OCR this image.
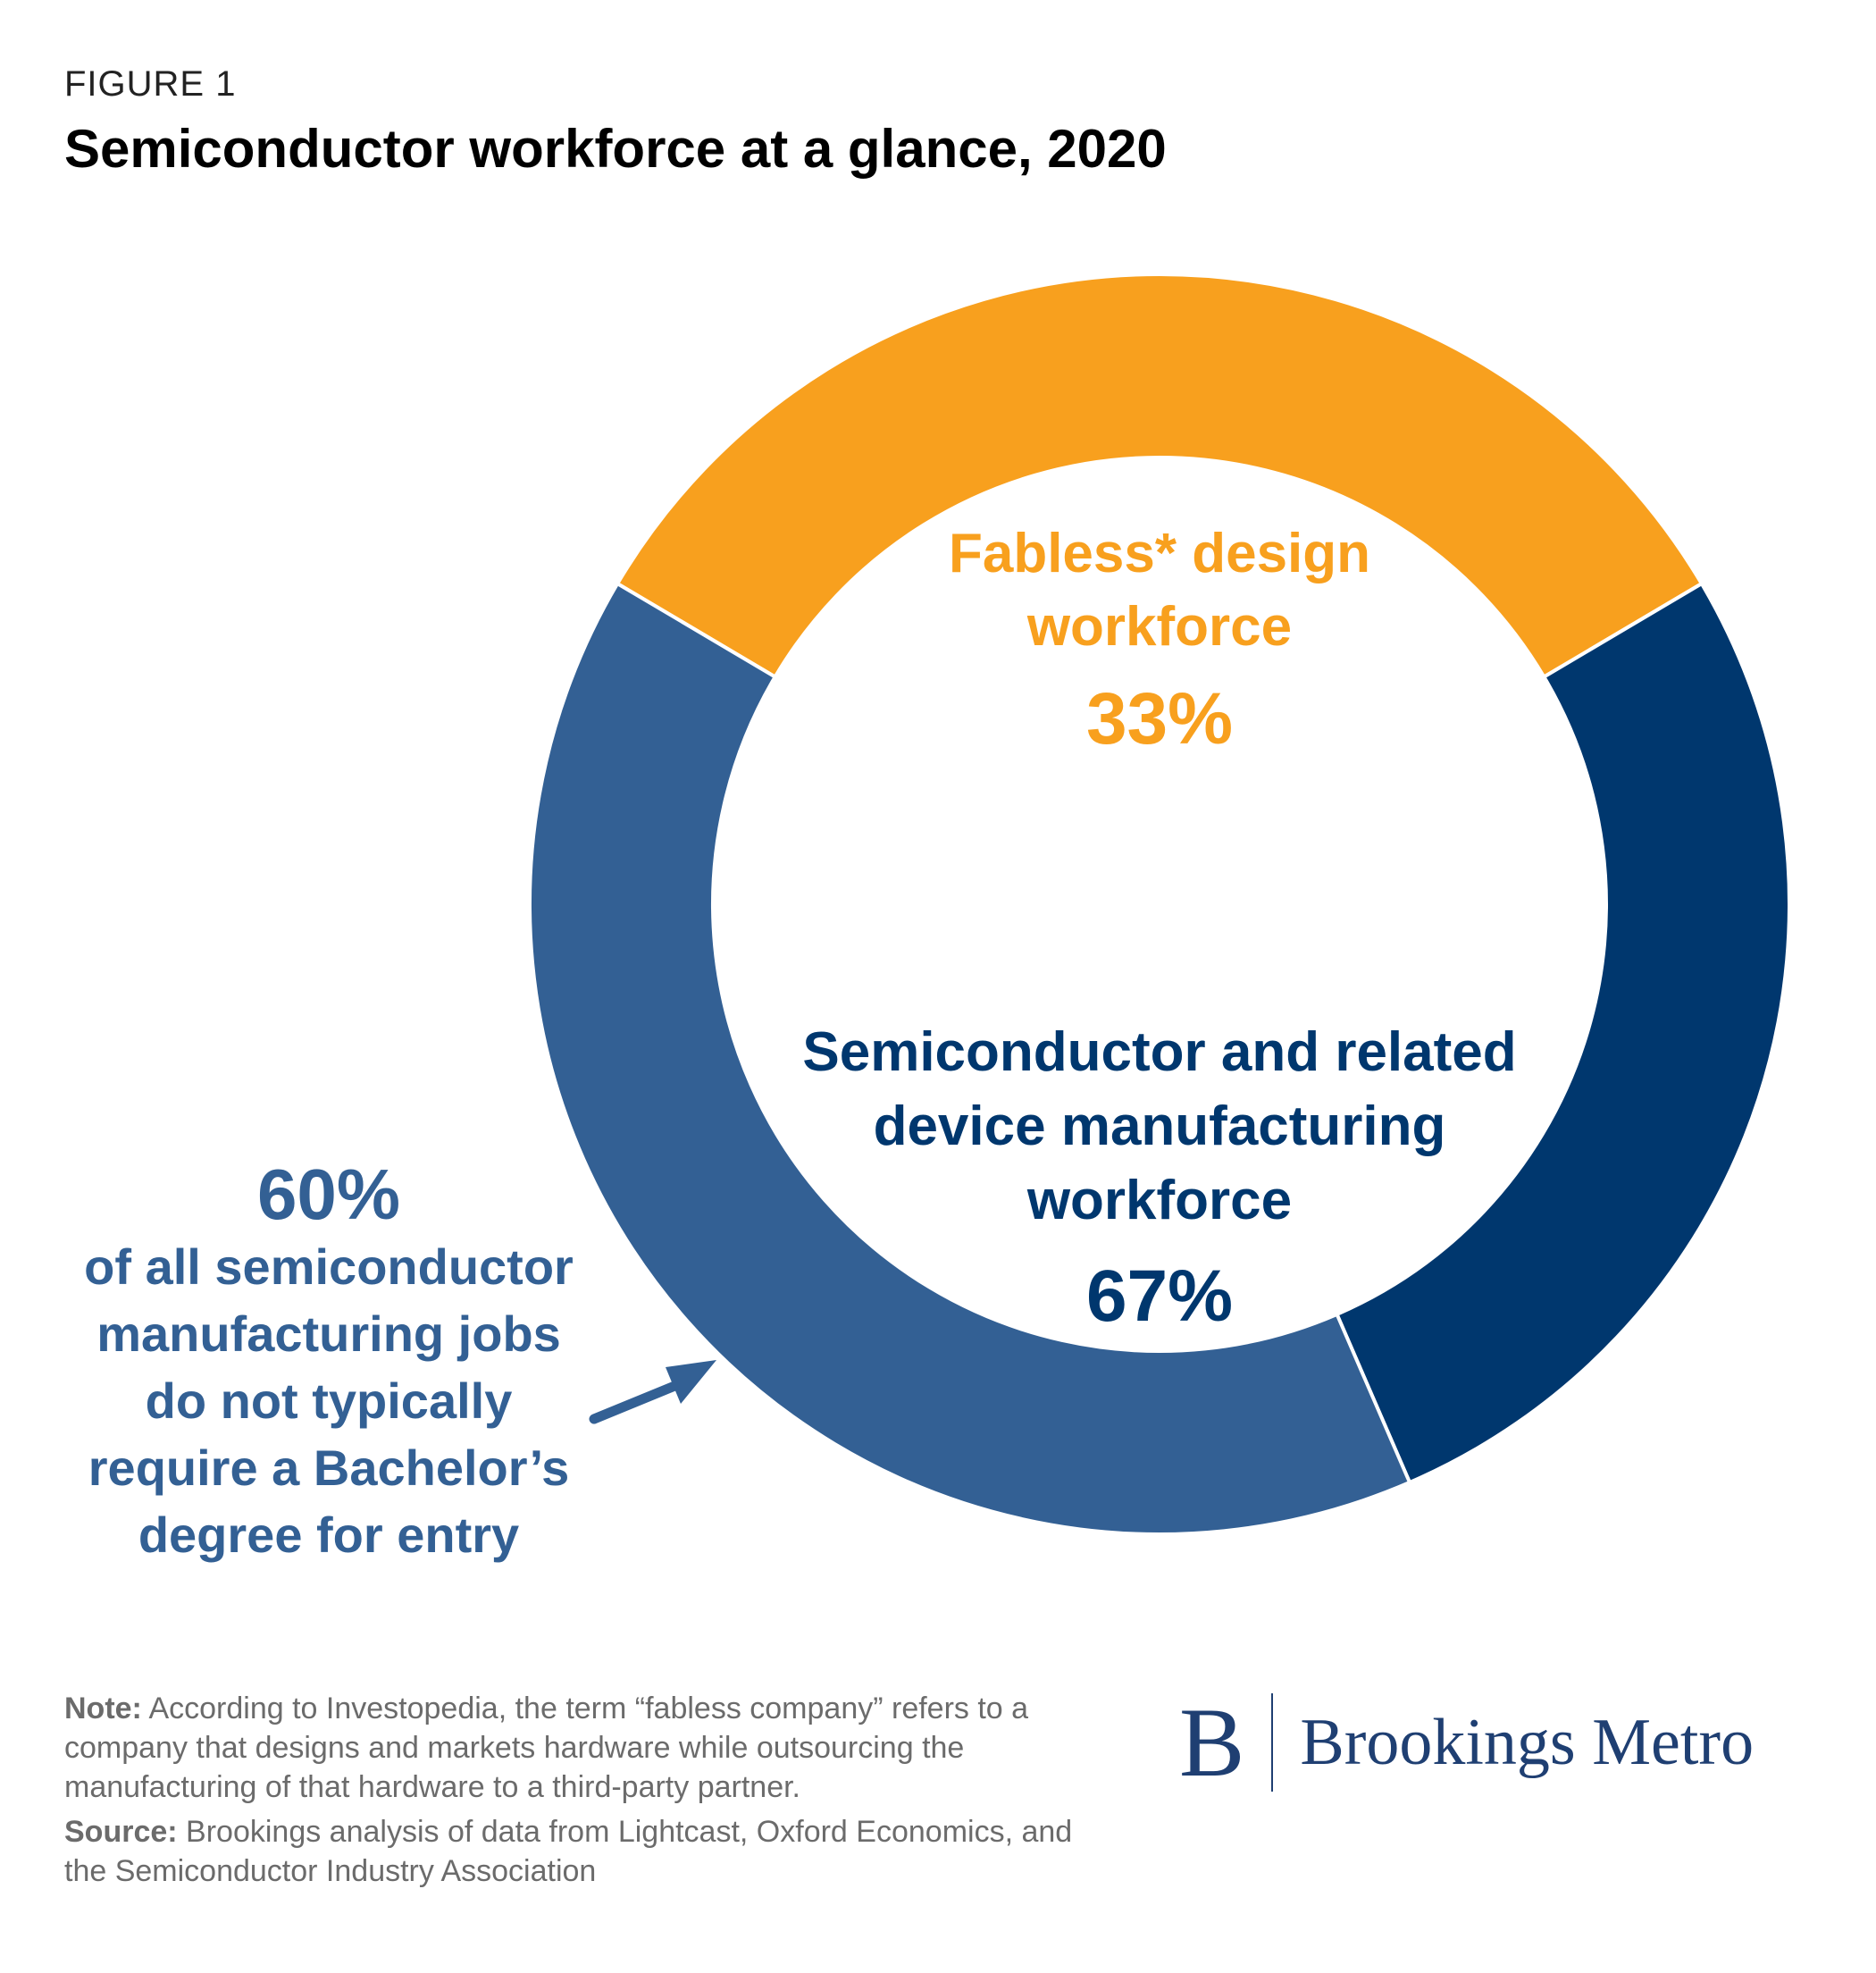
FIGURE 1
Semiconductor workforce at a glance, 2020
Fabless* design
workforce
33%
Semiconductor and related
device manufacturing
workforce
67%
60%
of all semiconductor
manufacturing jobs
do not typically
require a Bachelor’s
degree for entry
Note: According to Investopedia, the term “fabless company” refers to a company that designs and markets hardware while outsourcing the manufacturing of that hardware to a third-party partner.
Source: Brookings analysis of data from Lightcast, Oxford Economics, and the Semiconductor Industry Association
B Brookings Metro
